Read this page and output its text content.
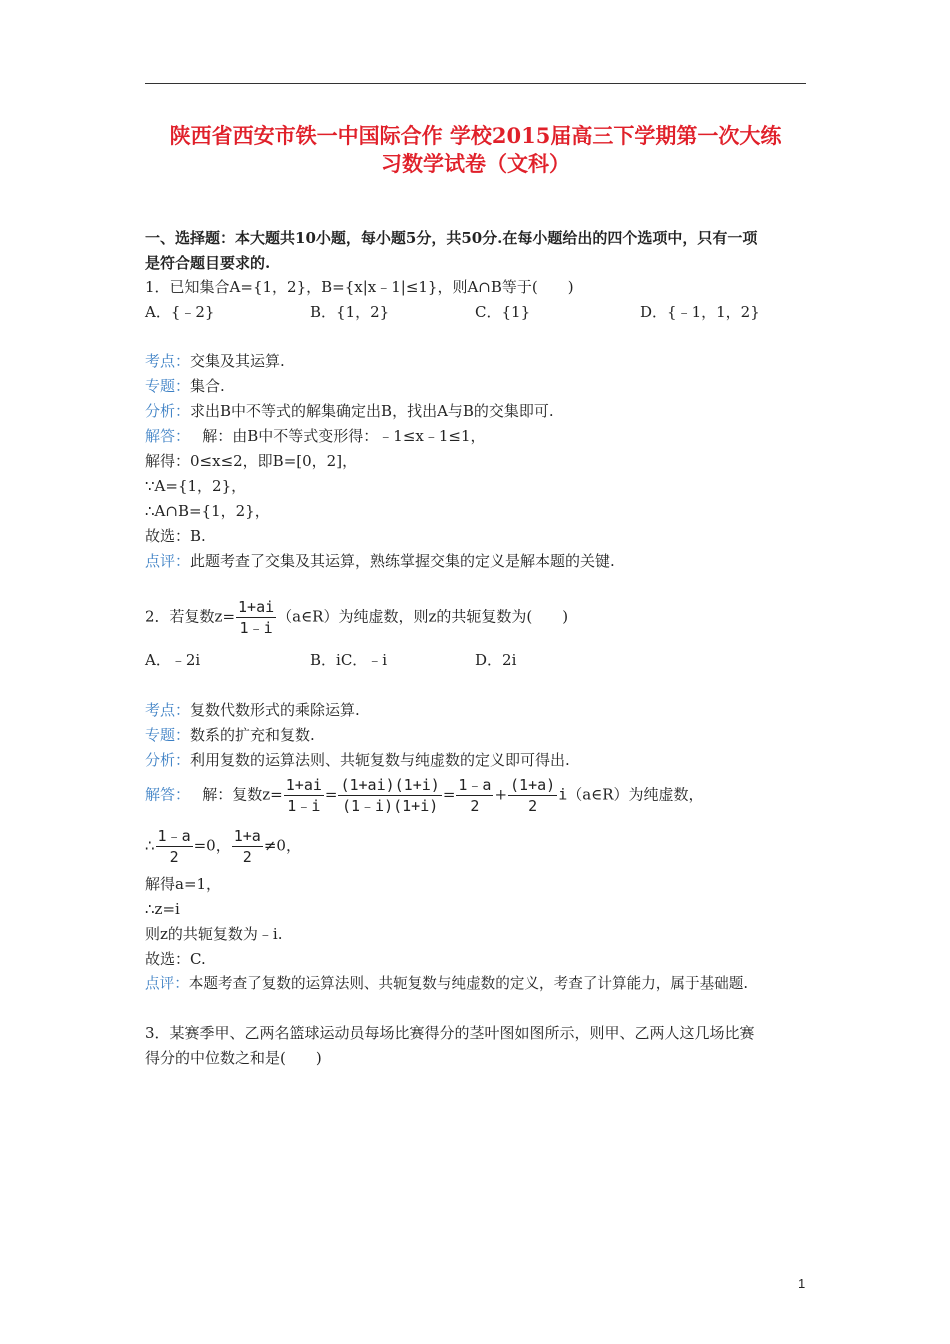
陕西省西安市铁一中国际合作 学校2015届高三下学期第一次大练
习数学试卷（文科）
一、选择题：本大题共10小题，每小题5分，共50分.在每小题给出的四个选项中，只有一项
是符合题目要求的.
1．已知集合A={1，2}，B={x|x﹣1|≤1}，则A∩B等于(　　)
A．{﹣2}	B．{1，2}	C．{1}	D．{﹣1，1，2}
考点：交集及其运算.
专题：集合.
分析：求出B中不等式的解集确定出B，找出A与B的交集即可.
解答：　 解：由B中不等式变形得：﹣1≤x﹣1≤1，
解得：0≤x≤2，即B=[0，2]，
∵A={1，2}，
∴A∩B={1，2}，
故选：B.
点评：此题考查了交集及其运算，熟练掌握交集的定义是解本题的关键.
2．若复数$z= \frac{1+ai}{1﹣i}$ （a∈R）为纯虚数，则z的共轭复数为(　　)
A．﹣2i	B．iC．﹣i	D．2i
考点：复数代数形式的乘除运算.
专题：数系的扩充和复数.
分析：利用复数的运算法则、共轭复数与纯虚数的定义即可得出.
解答：　 解：复数$z= \frac{1+ai}{1﹣i} = \frac{(1+ai)(1+i)}{(1﹣i)(1+i)} = \frac{1﹣a}{2} + \frac{(1+a)}{2}$ i（a∈R）为纯虚数，
∴ $\frac{1﹣a}{2} =0$， $\frac{1+a}{2} \ne 0$，
解得a=1，
∴z=i
则z的共轭复数为﹣i.
故选：C.
点评：本题考查了复数的运算法则、共轭复数与纯虚数的定义，考查了计算能力，属于基础题.
3．某赛季甲、乙两名篮球运动员每场比赛得分的茎叶图如图所示，则甲、乙两人这几场比赛
得分的中位数之和是(　　)
1
